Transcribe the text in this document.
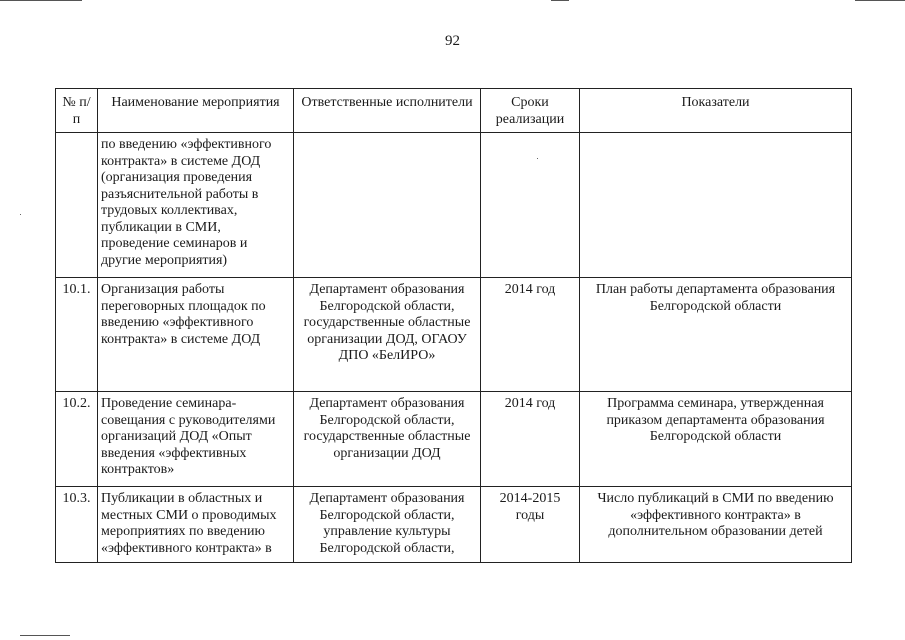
92
№ п/п	Наименование мероприятия	Ответственные исполнители	Сроки реализации	Показатели
	по введению «эффективного контракта» в системе ДОД (организация проведения разъяснительной работы в трудовых коллективах, публикации в СМИ, проведение семинаров и другие мероприятия)			
10.1.	Организация работы переговорных площадок по введению «эффективного контракта» в системе ДОД	Департамент образования Белгородской области, государственные областные организации ДОД, ОГАОУ ДПО «БелИРО»	2014 год	План работы департамента образования Белгородской области
10.2.	Проведение семинара-совещания с руководителями организаций ДОД «Опыт введения «эффективных контрактов»	Департамент образования Белгородской области, государственные областные организации ДОД	2014 год	Программа семинара, утвержденная приказом департамента образования Белгородской области
10.3.	Публикации в областных и местных СМИ о проводимых мероприятиях по введению «эффективного контракта» в	Департамент образования Белгородской области, управление культуры Белгородской области,	2014-2015 годы	Число публикаций в СМИ по введению «эффективного контракта» в дополнительном образовании детей
